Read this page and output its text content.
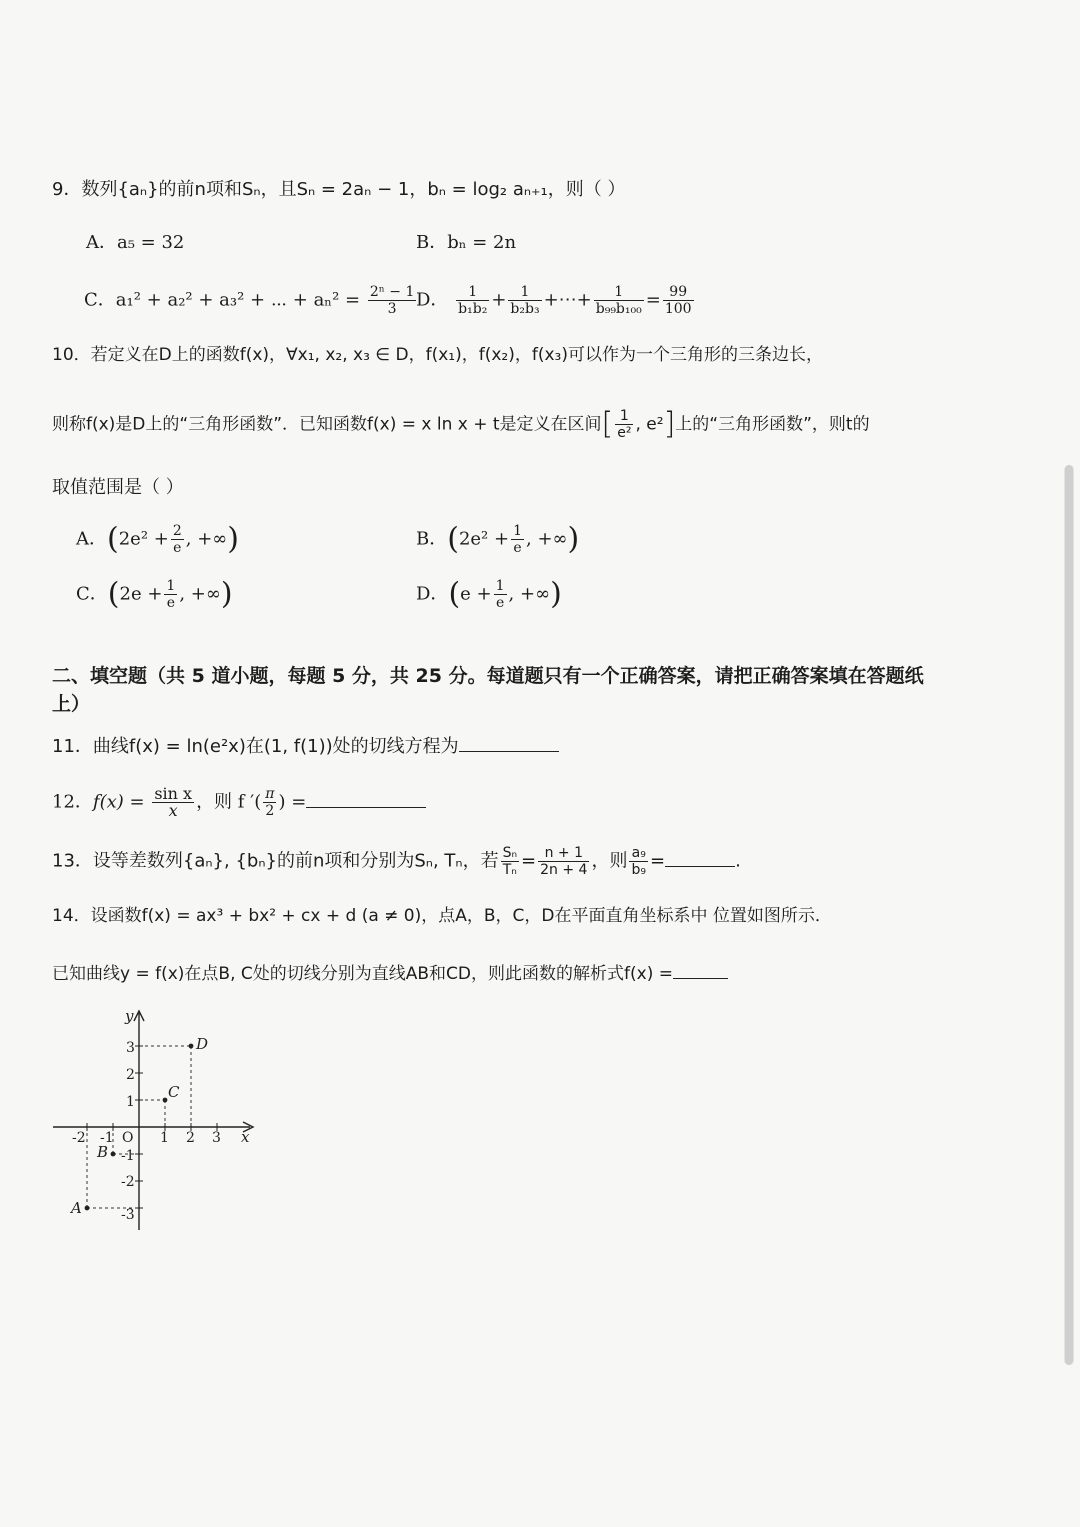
9．数列{aₙ}的前n项和Sₙ，且Sₙ = 2aₙ − 1，bₙ = log₂ aₙ₊₁，则（ ）
A．a₅ = 32	B．bₙ = 2n
C．a₁² + a₂² + a₃² + ⋯ + $a_n^2 = \frac{\text{2ⁿ − 1}}{3}$ D． $\frac{1}{\text{b₁b₂}} + \frac{1}{\text{b₂b₃}}$ +⋯+ $\frac{1}{\text{b₉₉b₁₀₀}} = \frac{99}{100}$
10．若定义在D上的函数f(x)，∀x₁, x₂, x₃ ∈ D，f(x₁)，f(x₂)，f(x₃)可以作为一个三角形的三条边长，
则称f(x)是D上的“三角形函数”．已知函数f(x) = x ln x + t是定义在区间[ $\frac{1}{\text{e²}}$ , e²]上的“三角形函数”，则t的
取值范围是（ ）
A．($2e^2 + \frac{2}{e}$ , +∞)	B．($2e^2 + \frac{1}{e}$ , +∞)
C．($2e + \frac{1}{e}$ , +∞)	D．($e + \frac{1}{e}$ , +∞)
二、填空题（共 5 道小题，每题 5 分，共 25 分。每道题只有一个正确答案，请把正确答案填在答题纸上）
11．曲线f(x) = ln(e²x)在(1, f(1))处的切线方程为
12．$f(x) = \frac{\text{sin x}}{x}$ ，则 f ′( $\frac{\pi}{2}$ ) =
13．设等差数列{aₙ}, {bₙ}的前n项和分别为Sₙ, Tₙ，若 $\frac{\text{Sₙ}}{\text{Tₙ}} = \frac{n + 1}{2n + 4}$ ，则 $\frac{\text{a₉}}{\text{b₉}}$ =	.
14．设函数f(x) = ax³ + bx² + cx + d (a ≠ 0)，点A，B，C，D在平面直角坐标系中 位置如图所示．
已知曲线y = f(x)在点B, C处的切线分别为直线AB和CD，则此函数的解析式f(x) =
D
C
B
A
x
y
O
-2 -1	1 2 3
3
2
1
-1
-2
-3
